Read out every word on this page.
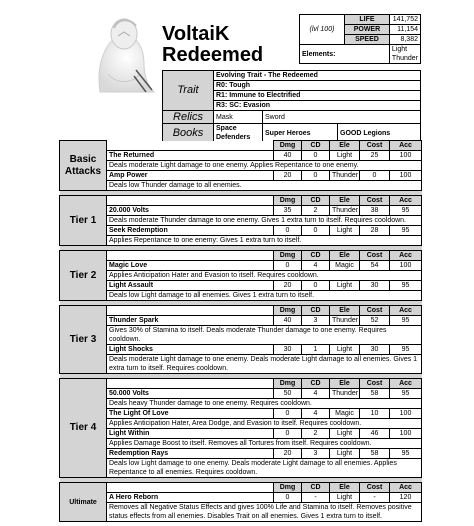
VoltaiK
Redeemed
(lvl 100)	LIFE	141,752
	POWER	11,154
	SPEED	8,382
Elements:		Light Thunder
Trait	Evolving Trait - The Redeemed		
	R0: Tough		
	R1: Immune to Electrified		
	R3: SC: Evasion		
Relics	Mask	Sword	
Books	Space Defenders	Super Heroes	GOOD Legions
Basic Attacks		Dmg	CD	Ele	Cost	Acc
	The Returned	40	0	Light	25	100
	Deals moderate Light damage to one enemy. Applies Repentance to one enemy.					
	Amp Power	20	0	Thunder	0	100
	Deals low Thunder damage to all enemies.					

Tier 1		Dmg	CD	Ele	Cost	Acc
	20.000 Volts	35	2	Thunder	38	95
	Deals moderate Thunder damage to one enemy. Gives 1 extra turn to itself. Requires cooldown.					
	Seek Redemption	0	0	Light	28	95
	Applies Repentance to one enemy: Gives 1 extra turn to itself.					

Tier 2		Dmg	CD	Ele	Cost	Acc
	Magic Love	0	4	Magic	54	100
	Applies Anticipation Hater and Evasion to itself. Requires cooldown.					
	Light Assault	20	0	Light	30	95
	Deals low Light damage to all enemies. Gives 1 extra turn to itself.					

Tier 3		Dmg	CD	Ele	Cost	Acc
	Thunder Spark	40	3	Thunder	52	95
	Gives 30% of Stamina to itself. Deals moderate Thunder damage to one enemy. Requires cooldown.					
	Light Shocks	30	1	Light	30	95
	Deals moderate Light damage to one enemy. Deals moderate Light damage to all enemies. Gives 1 extra turn to itself. Requires cooldown.					

Tier 4		Dmg	CD	Ele	Cost	Acc
	50.000 Volts	50	4	Thunder	58	95
	Deals heavy Thunder damage to one enemy. Requires cooldown.					
	The Light Of Love	0	4	Magic	10	100
	Applies Anticipation Hater, Area Dodge, and Evasion to itself. Requires cooldown.					
	Light Within	0	2	Light	46	100
	Applies Damage Boost to itself. Removes all Tortures from itself. Requires cooldown.					
	Redemption Rays	20	3	Light	58	95
	Deals low Light damage to one enemy. Deals moderate Light damage to all enemies. Applies Repentance to all enemies. Requires cooldown.					

Ultimate		Dmg	CD	Ele	Cost	Acc
	A Hero Reborn	0	-	Light	-	120
	Removes all Negative Status Effects and gives 100% Life and Stamina to itself. Removes positive status effects from all enemies. Disables Trait on all enemies. Gives 1 extra turn to itself.					
